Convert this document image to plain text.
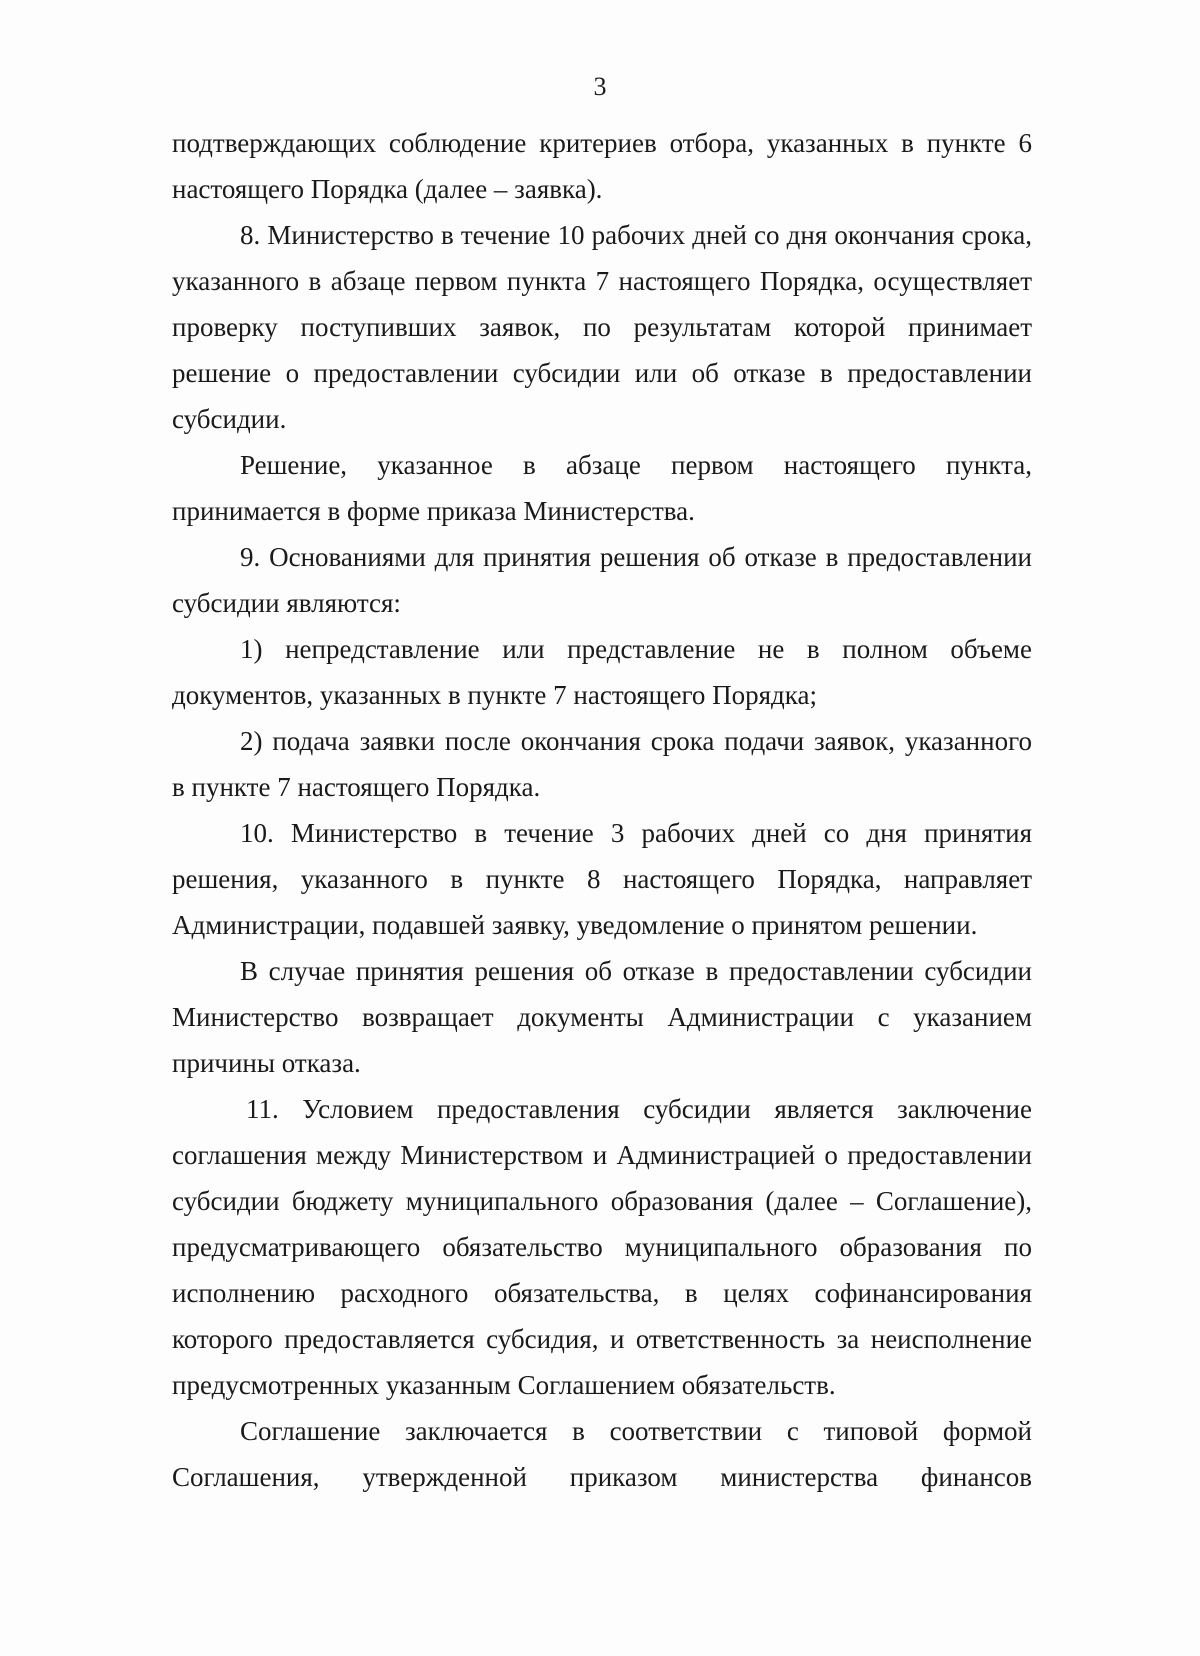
3

подтверждающих соблюдение критериев отбора, указанных в пункте 6
настоящего Порядка (далее – заявка).

8. Министерство в течение 10 рабочих дней со дня окончания срока,
указанного в абзаце первом пункта 7 настоящего Порядка, осуществляет
проверку поступивших заявок, по результатам которой принимает
решение о предоставлении субсидии или об отказе в предоставлении
субсидии.

Решение, указанное в абзаце первом настоящего пункта,
принимается в форме приказа Министерства.

9. Основаниями для принятия решения об отказе в предоставлении
субсидии являются:

1) непредставление или представление не в полном объеме
документов, указанных в пункте 7 настоящего Порядка;

2) подача заявки после окончания срока подачи заявок, указанного
в пункте 7 настоящего Порядка.

10. Министерство в течение 3 рабочих дней со дня принятия
решения, указанного в пункте 8 настоящего Порядка, направляет
Администрации, подавшей заявку, уведомление о принятом решении.

В случае принятия решения об отказе в предоставлении субсидии
Министерство возвращает документы Администрации с указанием
причины отказа.

11. Условием предоставления субсидии является заключение
соглашения между Министерством и Администрацией о предоставлении
субсидии бюджету муниципального образования (далее – Соглашение),
предусматривающего обязательство муниципального образования по
исполнению расходного обязательства, в целях софинансирования
которого предоставляется субсидия, и ответственность за неисполнение
предусмотренных указанным Соглашением обязательств.

Соглашение заключается в соответствии с типовой формой
Соглашения, утвержденной приказом министерства финансов
